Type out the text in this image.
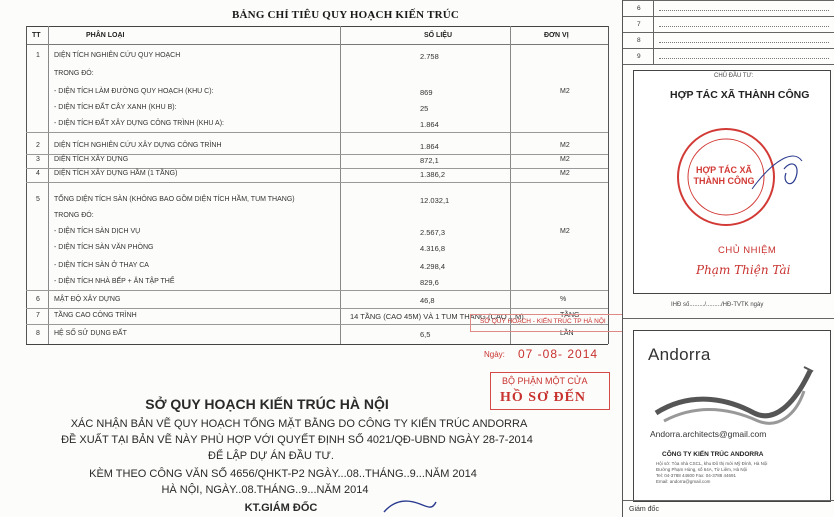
BẢNG CHỈ TIÊU QUY HOẠCH KIẾN TRÚC
TT	PHÂN LOẠI	SỐ LIỆU	ĐƠN VỊ
1 DIỆN TÍCH NGHIÊN CỨU QUY HOẠCH	2.758
TRONG ĐÓ:
- DIỆN TÍCH LÀM ĐƯỜNG QUY HOẠCH (KHU C):	869	M2
- DIỆN TÍCH ĐẤT CÂY XANH (KHU B):	25
- DIỆN TÍCH ĐẤT XÂY DỰNG CÔNG TRÌNH (KHU A):	1.864
2 DIỆN TÍCH NGHIÊN CỨU XÂY DỰNG CÔNG TRÌNH	1.864	M2
3 DIỆN TÍCH XÂY DỰNG	872,1	M2
4 DIỆN TÍCH XÂY DỰNG HẦM (1 TẦNG)	1.386,2	M2
5 TỔNG DIỆN TÍCH SÀN (KHÔNG BAO GỒM DIỆN TÍCH HẦM, TUM THANG)	12.032,1
TRONG ĐÓ:
- DIỆN TÍCH SÀN DỊCH VỤ	2.567,3	M2
- DIỆN TÍCH SÀN VĂN PHÒNG	4.316,8
- DIỆN TÍCH SÀN Ở THAY CA	4.298,4
- DIỆN TÍCH NHÀ BẾP + ĂN TẬP THỂ	829,6
6 MẬT ĐỘ XÂY DỰNG	46,8	%
7 TẦNG CAO CÔNG TRÌNH	14 TẦNG (CAO 45M) VÀ 1 TUM THANG (CAO ...M)	TẦNG
8 HỆ SỐ SỬ DỤNG ĐẤT	6,5	LẦN
SỞ QUY HOẠCH - KIẾN TRÚC TP HÀ NỘI
Ngày: 07 -08- 2014
BỘ PHẬN MỘT CỬA
HỒ SƠ ĐẾN
SỞ QUY HOẠCH KIẾN TRÚC HÀ NỘI
XÁC NHẬN BẢN VẼ QUY HOẠCH TỔNG MẶT BẰNG DO CÔNG TY KIẾN TRÚC ANDORRA
ĐỀ XUẤT TẠI BẢN VẼ NÀY PHÙ HỢP VỚI QUYẾT ĐỊNH SỐ 4021/QĐ-UBND NGÀY 28-7-2014
ĐỂ LẬP DỰ ÁN ĐẦU TƯ.
KÈM THEO CÔNG VĂN SỐ 4656/QHKT-P2 NGÀY...08..THÁNG..9...NĂM 2014
HÀ NỘI, NGÀY..08.THÁNG..9...NĂM 2014
KT.GIÁM ĐỐC
6
7
8
9
CHỦ ĐẦU TƯ:
HỢP TÁC XÃ THÀNH CÔNG
HỢP TÁC XÃ THÀNH CÔNG
CHỦ NHIỆM
Phạm Thiện Tài
IHĐ số........./........./HĐ-TVTK ngày
Andorra
Andorra.architects@gmail.com
CÔNG TY KIẾN TRÚC ANDORRA
Hội sở: Tòa nhà CSCL, khu Đô thị mới Mỹ Đình, Hà Nội
Đường Phạm Hùng, số 64A, Từ Liêm, Hà Nội
Tel: 04-3788 44600 Fax: 04-3788 44691
Email: andorra@gmail.com
Giám đốc
